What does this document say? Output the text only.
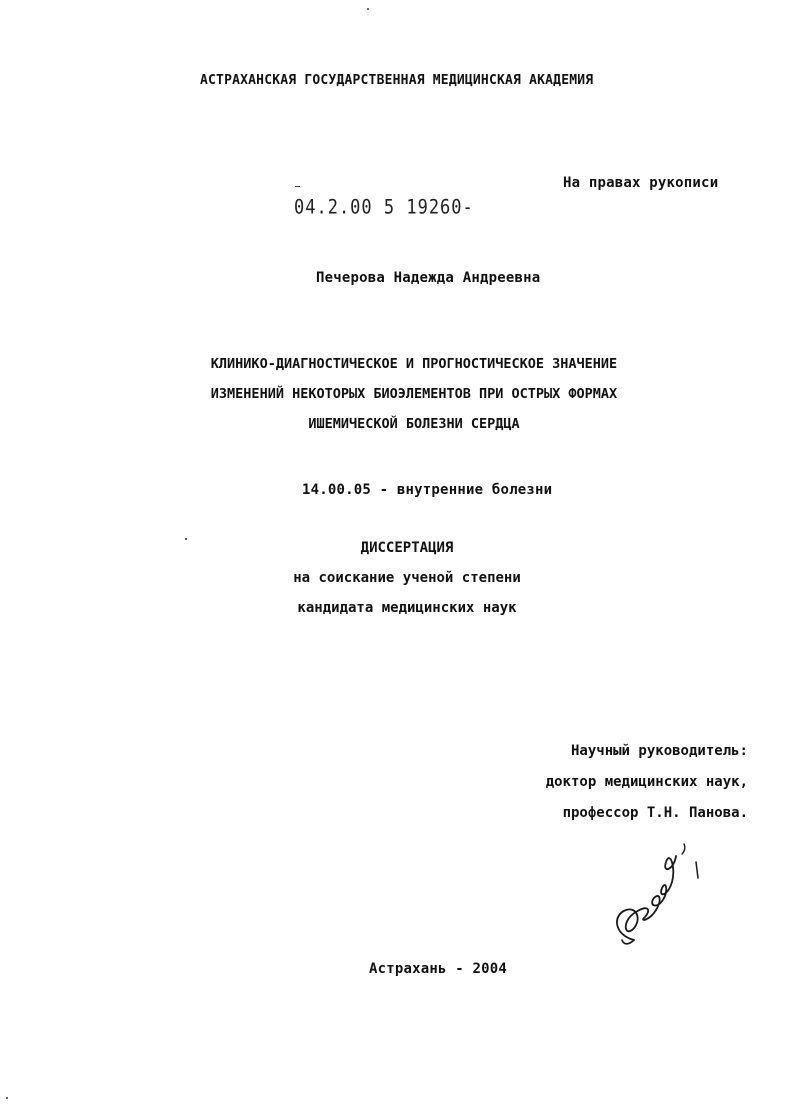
АСТРАХАНСКАЯ ГОСУДАРСТВЕННАЯ МЕДИЦИНСКАЯ АКАДЕМИЯ
На правах рукописи
04.2.00 5 19260-
Печерова Надежда Андреевна
КЛИНИКО-ДИАГНОСТИЧЕСКОЕ И ПРОГНОСТИЧЕСКОЕ ЗНАЧЕНИЕ
ИЗМЕНЕНИЙ НЕКОТОРЫХ БИОЭЛЕМЕНТОВ ПРИ ОСТРЫХ ФОРМАХ
ИШЕМИЧЕСКОЙ БОЛЕЗНИ СЕРДЦА
14.00.05 - внутренние болезни
ДИССЕРТАЦИЯ
на соискание ученой степени
кандидата медицинских наук
Научный руководитель:
доктор медицинских наук,
профессор Т.Н. Панова.
Астрахань - 2004
